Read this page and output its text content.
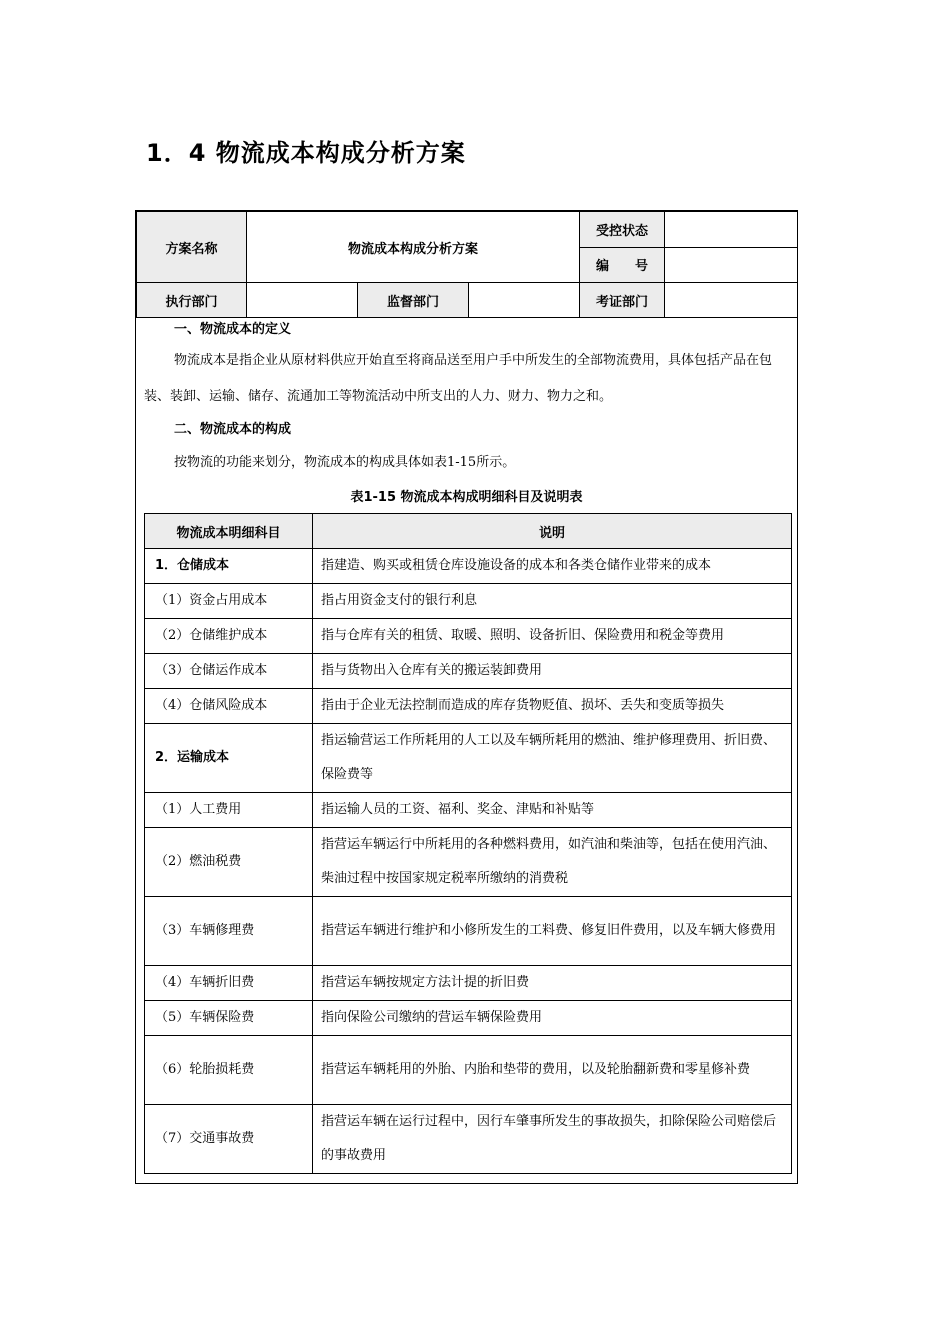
1．4 物流成本构成分析方案
方案名称	物流成本构成分析方案			受控状态	
				编　　号	
执行部门		监督部门		考证部门	

一、物流成本的定义

物流成本是指企业从原材料供应开始直至将商品送至用户手中所发生的全部物流费用，具体包括产品在包装、装卸、运输、储存、流通加工等物流活动中所支出的人力、财力、物力之和。

二、物流成本的构成

按物流的功能来划分，物流成本的构成具体如表1-15所示。

表1-15 物流成本构成明细科目及说明表

物流成本明细科目	说明
1．仓储成本	指建造、购买或租赁仓库设施设备的成本和各类仓储作业带来的成本
（1）资金占用成本	指占用资金支付的银行利息
（2）仓储维护成本	指与仓库有关的租赁、取暖、照明、设备折旧、保险费用和税金等费用
（3）仓储运作成本	指与货物出入仓库有关的搬运装卸费用
（4）仓储风险成本	指由于企业无法控制而造成的库存货物贬值、损坏、丢失和变质等损失
2．运输成本	指运输营运工作所耗用的人工以及车辆所耗用的燃油、维护修理费用、折旧费、保险费等
（1）人工费用	指运输人员的工资、福利、奖金、津贴和补贴等
（2）燃油税费	指营运车辆运行中所耗用的各种燃料费用，如汽油和柴油等，包括在使用汽油、柴油过程中按国家规定税率所缴纳的消费税
（3）车辆修理费	指营运车辆进行维护和小修所发生的工料费、修复旧件费用，以及车辆大修费用
（4）车辆折旧费	指营运车辆按规定方法计提的折旧费
（5）车辆保险费	指向保险公司缴纳的营运车辆保险费用
（6）轮胎损耗费	指营运车辆耗用的外胎、内胎和垫带的费用，以及轮胎翻新费和零星修补费
（7）交通事故费	指营运车辆在运行过程中，因行车肇事所发生的事故损失，扣除保险公司赔偿后的事故费用
